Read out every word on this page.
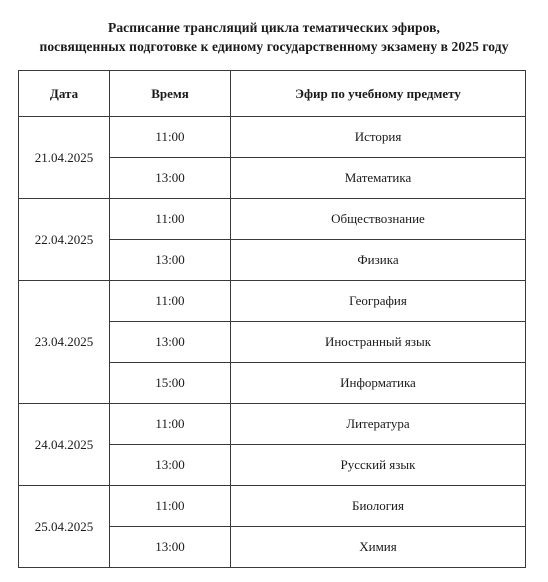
Расписание трансляций цикла тематических эфиров,
посвященных подготовке к единому государственному экзамену в 2025 году
Дата	Время	Эфир по учебному предмету
21.04.2025	11:00	История
	13:00	Математика
22.04.2025	11:00	Обществознание
	13:00	Физика
23.04.2025	11:00	География
	13:00	Иностранный язык
	15:00	Информатика
24.04.2025	11:00	Литература
	13:00	Русский язык
25.04.2025	11:00	Биология
	13:00	Химия
